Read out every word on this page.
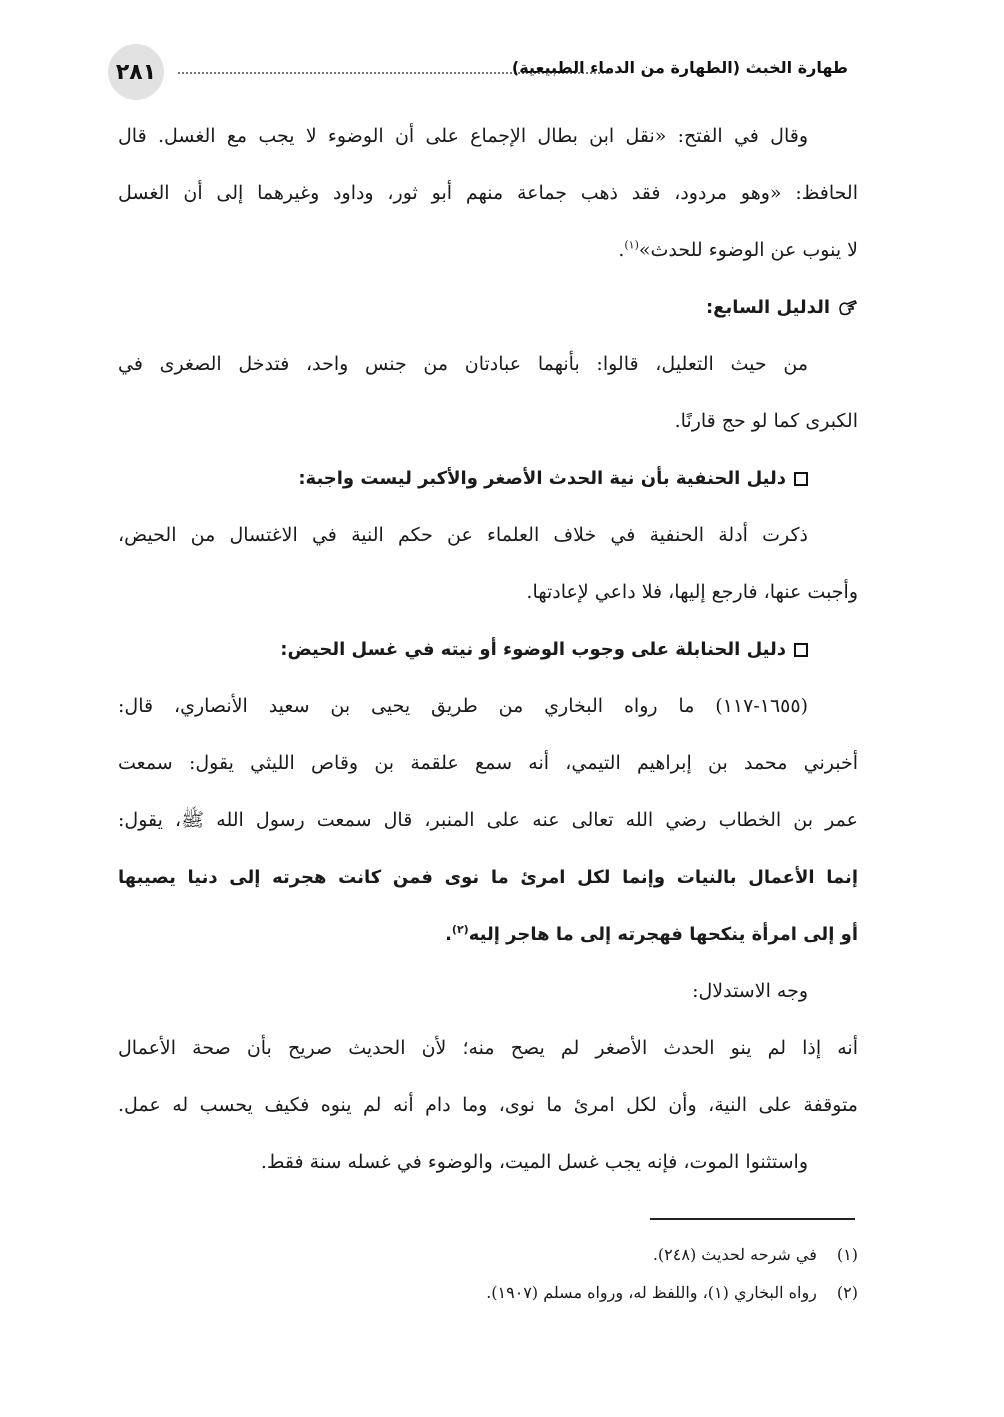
٢٨١	طهارة الخبث (الطهارة من الدماء الطبيعية)
وقال في الفتح: «نقل ابن بطال الإجماع على أن الوضوء لا يجب مع الغسل. قال
الحافظ: «وهو مردود، فقد ذهب جماعة منهم أبو ثور، وداود وغيرهما إلى أن الغسل
لا ينوب عن الوضوء للحدث»$^{(١)}$.
الدليل السابع:
من حيث التعليل، قالوا: بأنهما عبادتان من جنس واحد، فتدخل الصغرى في
الكبرى كما لو حج قارنًا.
دليل الحنفية بأن نية الحدث الأصغر والأكبر ليست واجبة:
ذكرت أدلة الحنفية في خلاف العلماء عن حكم النية في الاغتسال من الحيض،
وأجبت عنها، فارجع إليها، فلا داعي لإعادتها.
دليل الحنابلة على وجوب الوضوء أو نيته في غسل الحيض:
(١٦٥٥-١١٧) ما رواه البخاري من طريق يحيى بن سعيد الأنصاري، قال:
أخبرني محمد بن إبراهيم التيمي، أنه سمع علقمة بن وقاص الليثي يقول: سمعت
عمر بن الخطاب رضي الله تعالى عنه على المنبر، قال سمعت رسول الله ﷺ، يقول:
إنما الأعمال بالنيات وإنما لكل امرئ ما نوى فمن كانت هجرته إلى دنيا يصيبها
أو إلى امرأة ينكحها فهجرته إلى ما هاجر إليه$^{(٢)}$.
وجه الاستدلال:
أنه إذا لم ينو الحدث الأصغر لم يصح منه؛ لأن الحديث صريح بأن صحة الأعمال
متوقفة على النية، وأن لكل امرئ ما نوى، وما دام أنه لم ينوه فكيف يحسب له عمل.
واستثنوا الموت، فإنه يجب غسل الميت، والوضوء في غسله سنة فقط.
(١) في شرحه لحديث (٢٤٨).
(٢) رواه البخاري (١)، واللفظ له، ورواه مسلم (١٩٠٧).
